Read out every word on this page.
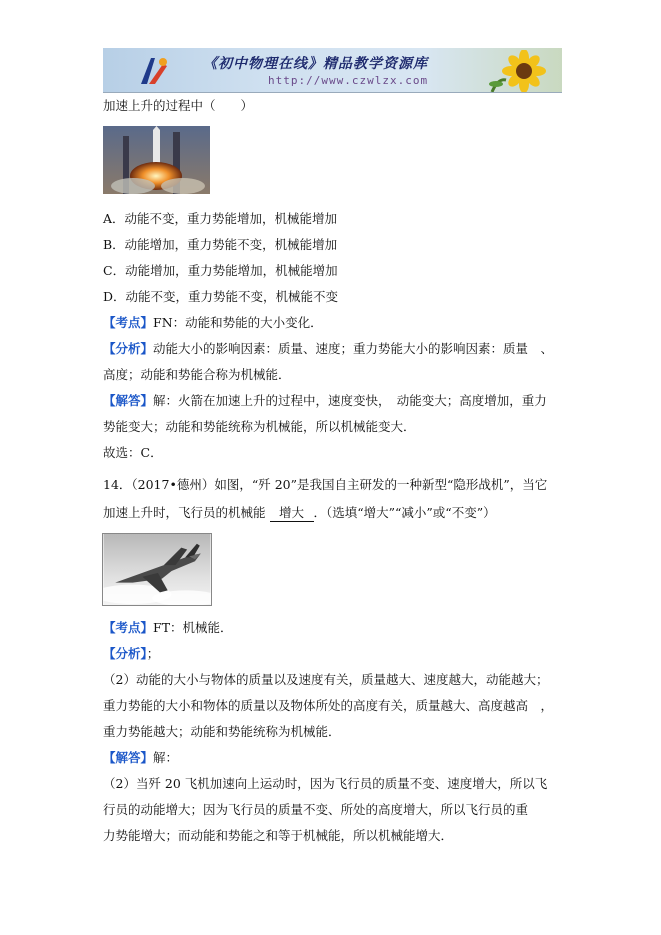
《初中物理在线》精品教学资源库
http://www.czwlzx.com
加速上升的过程中（　　）
A．动能不变，重力势能增加，机械能增加
B．动能增加，重力势能不变，机械能增加
C．动能增加，重力势能增加，机械能增加
D．动能不变，重力势能不变，机械能不变
【考点】FN：动能和势能的大小变化．
【分析】动能大小的影响因素：质量、速度；重力势能大小的影响因素：质量　、
高度；动能和势能合称为机械能．
【解答】解：火箭在加速上升的过程中，速度变快，　动能变大；高度增加，重力
势能变大；动能和势能统称为机械能，所以机械能变大．
故选：C．
14．（2017•德州）如图，“歼 20”是我国自主研发的一种新型“隐形战机”，当它
加速上升时，飞行员的机械能 增大 ．（选填“增大”“减小”或“不变”）
【考点】FT：机械能．
【分析】；
（2）动能的大小与物体的质量以及速度有关，质量越大、速度越大，动能越大；
重力势能的大小和物体的质量以及物体所处的高度有关，质量越大、高度越高　，
重力势能越大；动能和势能统称为机械能．
【解答】解：
（2）当歼 20 飞机加速向上运动时，因为飞行员的质量不变、速度增大，所以飞
行员的动能增大；因为飞行员的质量不变、所处的高度增大，所以飞行员的重
力势能增大；而动能和势能之和等于机械能，所以机械能增大．
